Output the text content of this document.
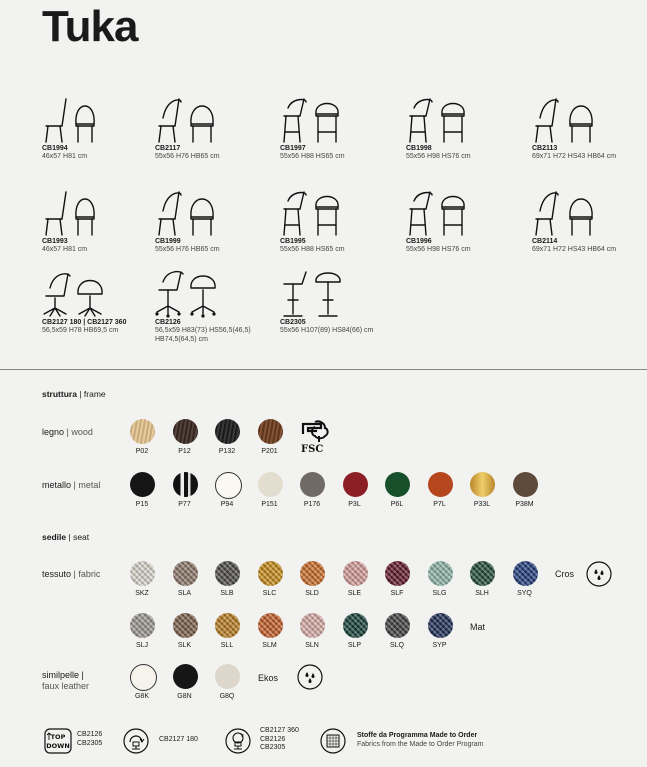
Tuka
CB1994
46x57 H81 cm
CB2117
55x56 H76 HB65 cm
CB1997
55x56 H88 HS65 cm
CB1998
55x56 H98 HS76 cm
CB2113
69x71 H72 HS43 HB64 cm
CB1993
46x57 H81 cm
CB1999
55x56 H76 HB65 cm
CB1995
55x56 H88 HS65 cm
CB1996
55x56 H98 HS76 cm
CB2114
69x71 H72 HS43 HB64 cm
CB2127 180 | CB2127 360
56,5x59 H78 HB69,5 cm
CB2126
56,5x59 H83(73) HS56,5(46,5)
HB74,5(64,5) cm
CB2305
55x56 H107(89) HS84(66) cm
struttura | frame
legno | wood
metallo | metal
FSC
sedile | seat
tessuto | fabric
similpelle |
faux leather
Cros
Mat
Ekos
P02	P12	P132	P201
P15	P77	P94	P151	P176	P3L	P6L	P7L	P33L	P38M
SKZ	SLA	SLB	SLC	SLD	SLE	SLF	SLG	SLH	SYQ
SLJ	SLK	SLL	SLM	SLN	SLP	SLQ	SYP
G8K	G8N	G8Q
TOP
DOWN
CB2126
CB2305	CB2127 180
CB2127 360
CB2126
CB2305
Stoffe da Programma Made to Order
Fabrics from the Made to Order Program
